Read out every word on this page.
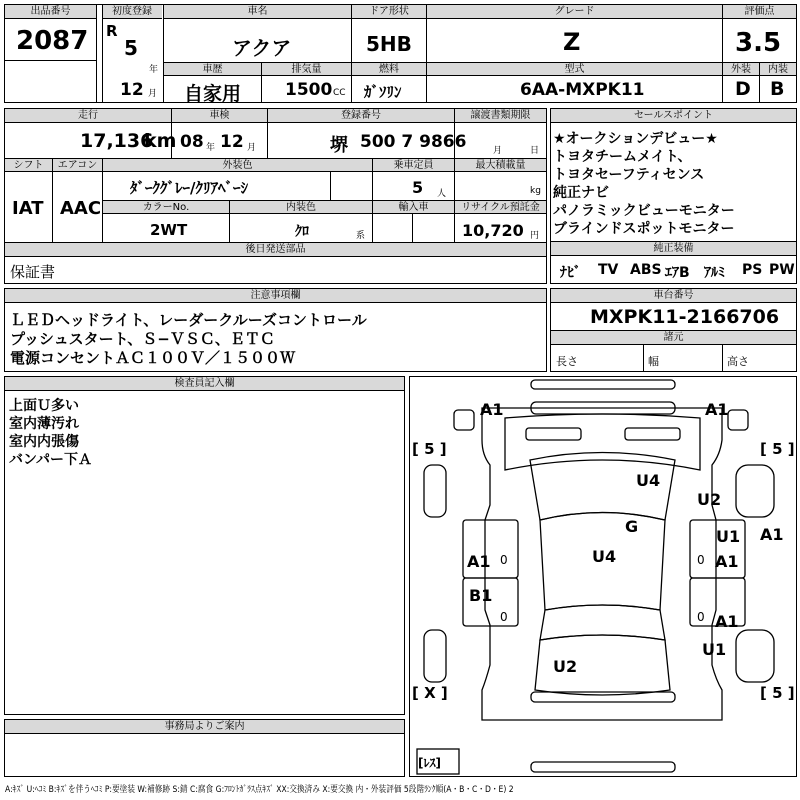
出品番号
2087
初度登録
R
5
年
12 月
車名
アクア
ドア形状
5HB
グレード
Z
評価点
3.5
車歴
自家用
排気量
1500 CC
燃料
ｶﾞｿﾘﾝ
型式
6AA-MXPK11
外装	内装
D B
走行
17,136
km
車検
08 年 12 月
登録番号
堺 500 7 9866
譲渡書類期限
月	日
シフト
IAT
エアコン
AAC
外装色
ﾀﾞｰｸｸﾞﾚｰ/ｸﾘｱﾍﾞｰｼ
乗車定員
5 人
最大積載量
kg
カラーNo.
2WT
内装色
ｸﾛ	系
輸入車	リサイクル預託金
10,720 円
後日発送部品
保証書
セールスポイント
★オークションデビュー★
トヨタチームメイト、
トヨタセーフティセンス
純正ナビ
パノラミックビューモニター
ブラインドスポットモニター
純正装備
ﾅﾋﾞ TV ABS ｴｱB ｱﾙﾐ PS PW
注意事項欄
ＬＥＤヘッドライト、レーダークルーズコントロール
プッシュスタート、Ｓ−ＶＳＣ、ＥＴＣ
電源コンセントＡＣ１００Ｖ／１５００Ｗ
車台番号
MXPK11-2166706
諸元
長さ	幅	高さ
検査員記入欄
上面Ｕ多い
室内薄汚れ
室内内張傷
バンパー下Ａ
事務局よりご案内
A1	A1
[ 5 ]	[ 5 ]
U4
U2
G
U1 A1
U4
A1 0	0 A1
B1
0	0 A1
U1
U2
[ X ]	[ 5 ]
[ﾚｽ]
A:ｷｽﾞ U:ﾍｺﾐ B:ｷｽﾞを伴うﾍｺﾐ P:要塗装 W:補修跡 S:錆 C:腐食 G:ﾌﾛﾝﾄｶﾞﾗｽ点ｷｽﾞ XX:交換済み X:要交換 内・外装評価 5段階ﾗﾝｸ順(A・B・C・D・E) 2
